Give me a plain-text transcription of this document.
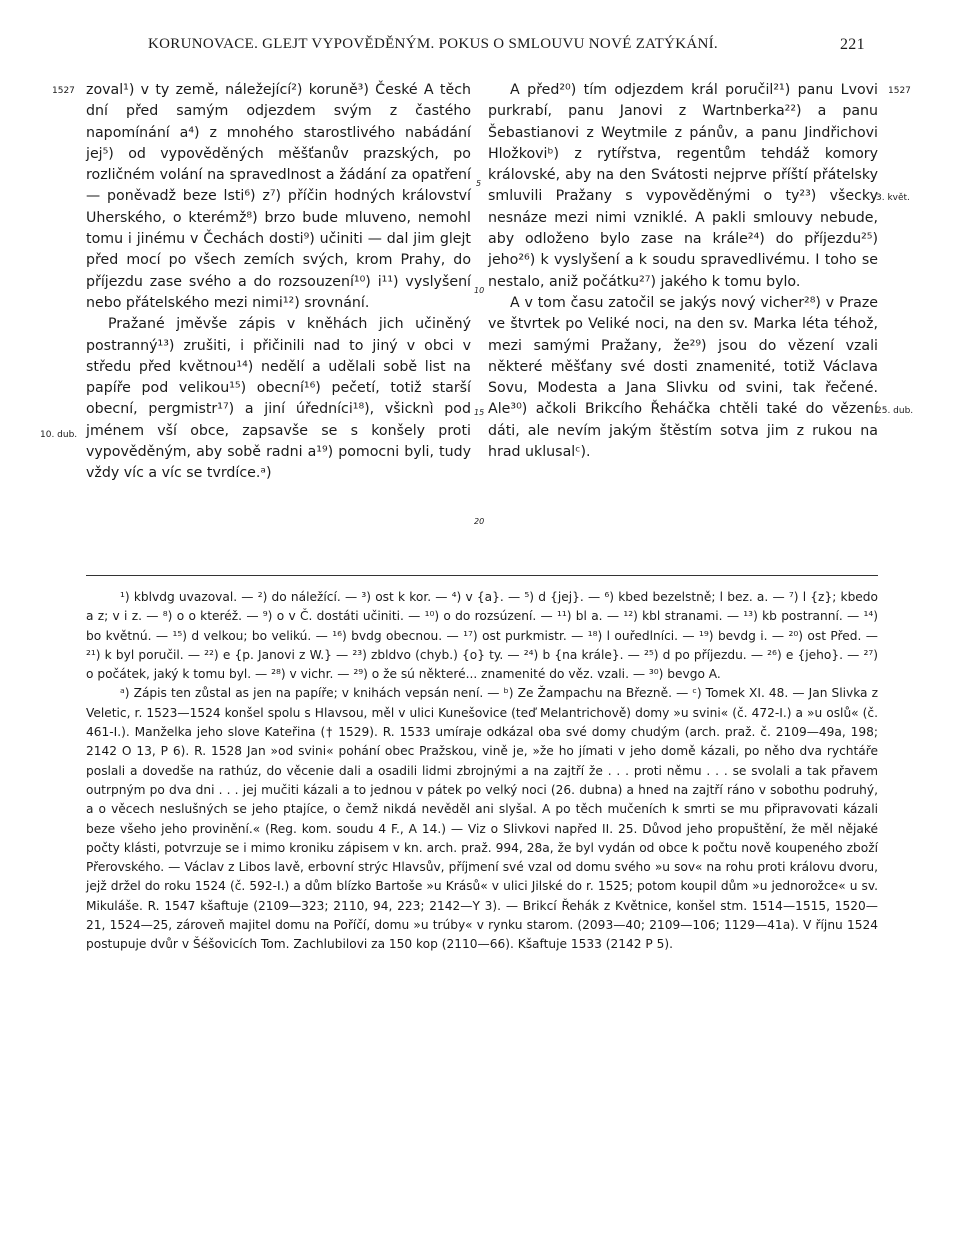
KORUNOVACE. GLEJT VYPOVĚDĚNÝM. POKUS O SMLOUVU NOVÉ ZATÝKÁNÍ.	221
1527
10. dub.
1527
3. květ.
25. dub.
5
10
15
20

zoval¹) v ty země, náležející²) koruně³) České A těch dní před samým odjezdem svým z častého napomínání a⁴) z mnohého starostlivého nabádání jej⁵) od vypověděných měšťanův prazských, po rozličném volání na spravedlnost a žádání za opatření — poněvadž beze lsti⁶) z⁷) příčin hodných království Uherského, o kterémž⁸) brzo bude mluveno, nemohl tomu i jinému v Čechách dosti⁹) učiniti — dal jim glejt před mocí po všech zemích svých, krom Prahy, do příjezdu zase svého a do rozsouzení¹⁰) i¹¹) vyslyšení nebo přátelského mezi nimi¹²) srovnání.

Pražané jměvše zápis v kněhách jich učiněný postranný¹³) zrušiti, i přičinili nad to jiný v obci v středu před květnou¹⁴) nedělí a udělali sobě list na papíře pod velikou¹⁵) obecní¹⁶) pečetí, totiž starší obecní, pergmistr¹⁷) a jiní úředníci¹⁸), všicknì pod jménem vší obce, zapsavše se s konšely proti vypověděným, aby sobě radni a¹⁹) pomocni byli, tudy vždy víc a víc se tvrdíce.ᵃ)

A před²⁰) tím odjezdem král poručil²¹) panu Lvovi purkrabí, panu Janovi z Wartnberka²²) a panu Šebastianovi z Weytmile z pánův, a panu Jindřichovi Hložkoviᵇ) z rytířstva, regentům tehdáž komory královské, aby na den Svátosti nejprve příští přátelsky smluvili Pražany s vypověděnými o ty²³) všecky nesnáze mezi nimi vzniklé. A pakli smlouvy nebude, aby odloženo bylo zase na krále²⁴) do příjezdu²⁵) jeho²⁶) k vyslyšení a k soudu spravedlivému. I toho se nestalo, aniž počátku²⁷) jakého k tomu bylo.

A v tom času zatočil se jakýs nový vicher²⁸) v Praze ve štvrtek po Veliké noci, na den sv. Marka léta téhož, mezi samými Pražany, že²⁹) jsou do vězení vzali některé měšťany své dosti znamenité, totiž Václava Sovu, Modesta a Jana Slivku od svini, tak řečené. Ale³⁰) ačkoli Brikcího Řeháčka chtěli také do vězení dáti, ale nevím jakým štěstím sotva jim z rukou na hrad uklusalᶜ).

¹) kblvdg uvazoval. — ²) do náležící. — ³) ost k kor. — ⁴) v {a}. — ⁵) d {jej}. — ⁶) kbed bezelstně; l bez. a. — ⁷) l {z}; kbedo a z; v i z. — ⁸) o o kteréž. — ⁹) o v Č. dostáti učiniti. — ¹⁰) o do rozsúzení. — ¹¹) bl a. — ¹²) kbl stranami. — ¹³) kb postranní. — ¹⁴) bo květnú. — ¹⁵) d velkou; bo velikú. — ¹⁶) bvdg obecnou. — ¹⁷) ost purkmistr. — ¹⁸) l ouředlníci. — ¹⁹) bevdg i. — ²⁰) ost Před. — ²¹) k byl poručil. — ²²) e {p. Janovi z W.} — ²³) zbldvo (chyb.) {o} ty. — ²⁴) b {na krále}. — ²⁵) d po příjezdu. — ²⁶) e {jeho}. — ²⁷) o počátek, jaký k tomu byl. — ²⁸) v vichr. — ²⁹) o že sú některé... znamenité do věz. vzali. — ³⁰) bevgo A.

ᵃ) Zápis ten zůstal as jen na papíře; v knihách vepsán není. — ᵇ) Ze Žampachu na Březně. — ᶜ) Tomek XI. 48. — Jan Slivka z Veletic, r. 1523—1524 konšel spolu s Hlavsou, měl v ulici Kunešovice (teď Melantrichově) domy »u svini« (č. 472-I.) a »u oslů« (č. 461-I.). Manželka jeho slove Kateřina († 1529). R. 1533 umíraje odkázal oba své domy chudým (arch. praž. č. 2109—49a, 198; 2142 O 13, P 6). R. 1528 Jan »od svini« pohání obec Pražskou, vině je, »že ho jímati v jeho domě kázali, po něho dva rychtáře poslali a dovedše na rathúz, do věcenie dali a osadili lidmi zbrojnými a na zajtří že . . . proti němu . . . se svolali a tak přavem outrpným po dva dni . . . jej mučiti kázali a to jednou v pátek po velký noci (26. dubna) a hned na zajtří ráno v sobothu podruhý, a o věcech neslušných se jeho ptajíce, o čemž nikdá nevěděl ani slyšal. A po těch mučeních k smrti se mu připravovati kázali beze všeho jeho provinění.« (Reg. kom. soudu 4 F., A 14.) — Viz o Slivkovi napřed II. 25. Důvod jeho propuštění, že měl nějaké počty klásti, potvrzuje se i mimo kroniku zápisem v kn. arch. praž. 994, 28a, že byl vydán od obce k počtu nově koupeného zboží Přerovského. — Václav z Libos lavě, erbovní strýc Hlavsův, příjmení své vzal od domu svého »u sov« na rohu proti královu dvoru, jejž držel do roku 1524 (č. 592-I.) a dům blízko Bartoše »u Krásů« v ulici Jilské do r. 1525; potom koupil dům »u jednorožce« u sv. Mikuláše. R. 1547 kšaftuje (2109—323; 2110, 94, 223; 2142—Y 3). — Brikcí Řehák z Květnice, konšel stm. 1514—1515, 1520—21, 1524—25, zároveň majitel domu na Poříčí, domu »u trúby« v rynku starom. (2093—40; 2109—106; 1129—41a). V říjnu 1524 postupuje dvůr v Šéšovicích Tom. Zachlubilovi za 150 kop (2110—66). Kšaftuje 1533 (2142 P 5).
